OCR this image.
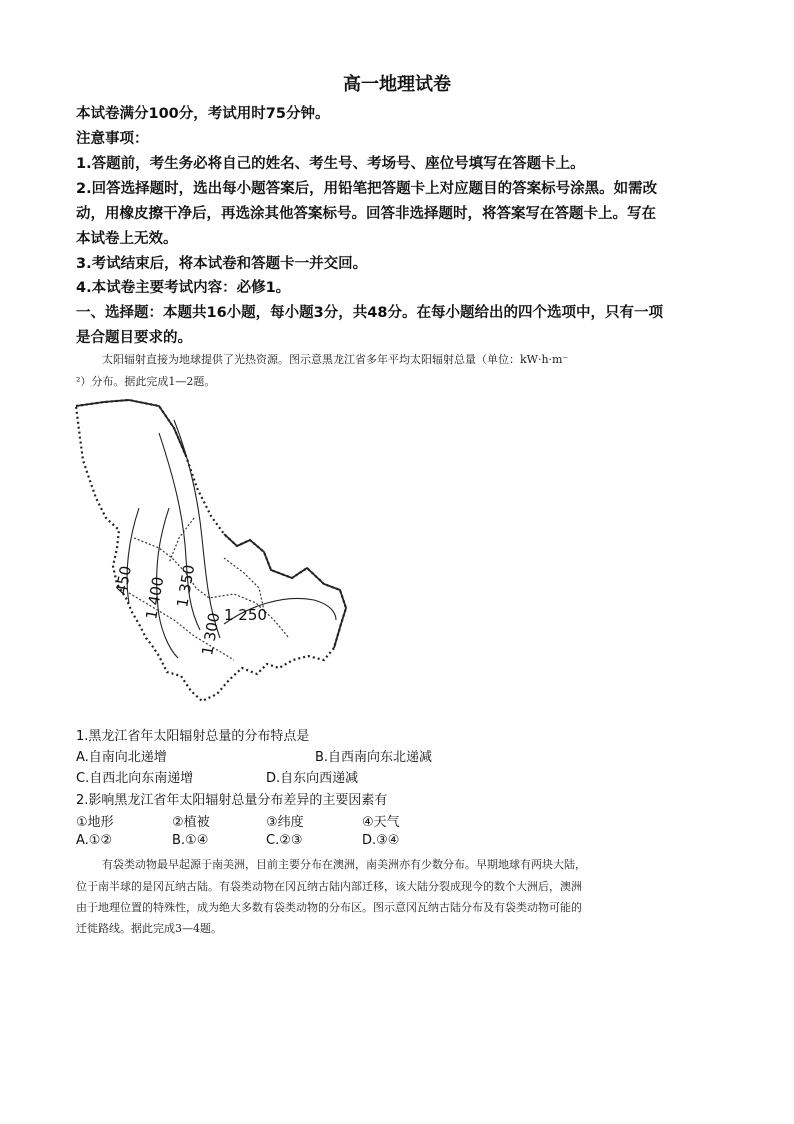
高一地理试卷
本试卷满分100分，考试用时75分钟。
注意事项：
1.答题前，考生务必将自己的姓名、考生号、考场号、座位号填写在答题卡上。
2.回答选择题时，选出每小题答案后，用铅笔把答题卡上对应题目的答案标号涂黑。如需改
动，用橡皮擦干净后，再选涂其他答案标号。回答非选择题时，将答案写在答题卡上。写在
本试卷上无效。
3.考试结束后，将本试卷和答题卡一并交回。
4.本试卷主要考试内容：必修1。
一、选择题：本题共16小题，每小题3分，共48分。在每小题给出的四个选项中，只有一项
是合题目要求的。
太阳辐射直接为地球提供了光热资源。图示意黑龙江省多年平均太阳辐射总量（单位：kW·h·m⁻
²）分布。据此完成1—2题。
450 1 400 1 350
1 300 1 250
1.黑龙江省年太阳辐射总量的分布特点是
A.自南向北递增	B.自西南向东北递减
C.自西北向东南递增	D.自东向西递减
2.影响黑龙江省年太阳辐射总量分布差异的主要因素有
①地形	②植被	③纬度	④天气
A.①②	B.①④	C.②③	D.③④
有袋类动物最早起源于南美洲，目前主要分布在澳洲，南美洲亦有少数分布。早期地球有两块大陆，
位于南半球的是冈瓦纳古陆。有袋类动物在冈瓦纳古陆内部迁移，该大陆分裂成现今的数个大洲后，澳洲
由于地理位置的特殊性，成为绝大多数有袋类动物的分布区。图示意冈瓦纳古陆分布及有袋类动物可能的
迁徙路线。据此完成3—4题。
